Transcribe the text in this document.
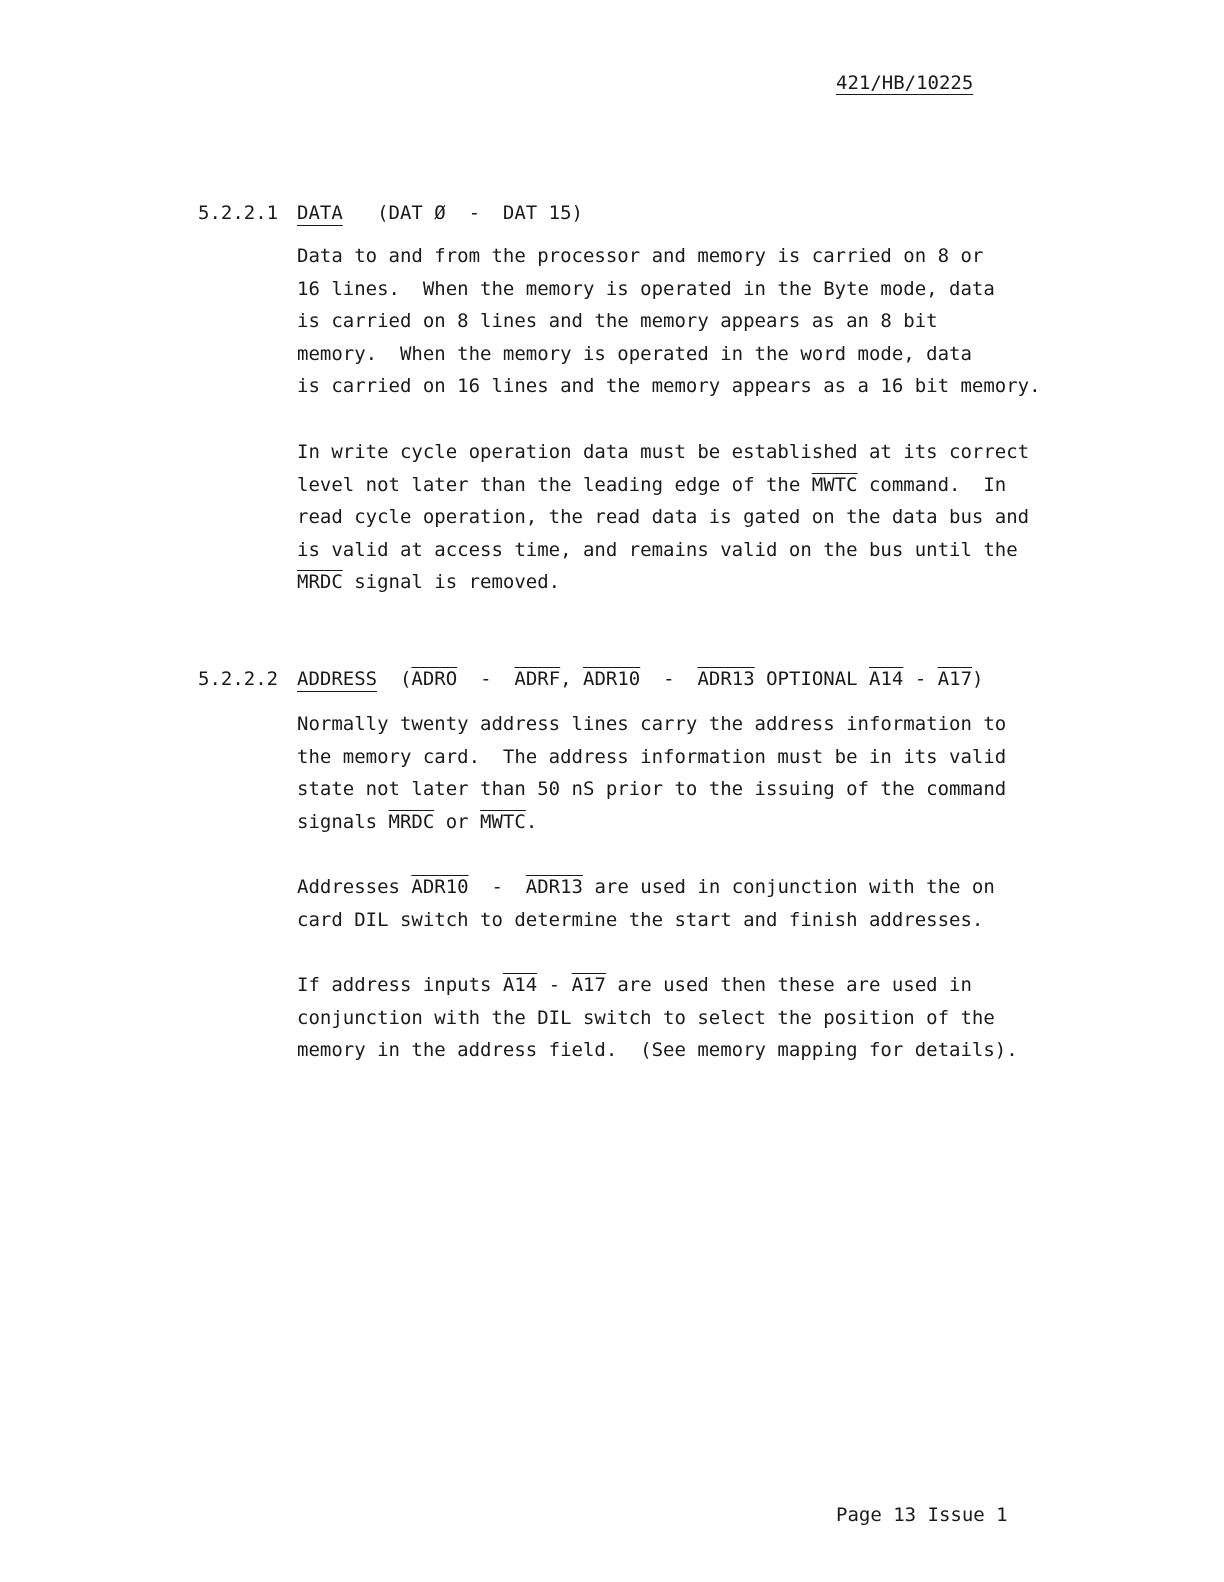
421/HB/10225
5.2.2.1 DATA (DAT Ø  -  DAT 15)
Data to and from the processor and memory is carried on 8 or
16 lines.  When the memory is operated in the Byte mode, data
is carried on 8 lines and the memory appears as an 8 bit
memory.  When the memory is operated in the word mode, data
is carried on 16 lines and the memory appears as a 16 bit memory.
In write cycle operation data must be established at its correct
level not later than the leading edge of the MWTC command.  In
read cycle operation, the read data is gated on the data bus and
is valid at access time, and remains valid on the bus until the
MRDC signal is removed.
5.2.2.2 ADDRESS (ADRO  -  ADRF, ADR10  -  ADR13 OPTIONAL A14 - A17)
Normally twenty address lines carry the address information to
the memory card.  The address information must be in its valid
state not later than 50 nS prior to the issuing of the command
signals MRDC or MWTC.
Addresses ADR10  -  ADR13 are used in conjunction with the on
card DIL switch to determine the start and finish addresses.
If address inputs A14 - A17 are used then these are used in
conjunction with the DIL switch to select the position of the
memory in the address field.  (See memory mapping for details).
Page 13 Issue 1
